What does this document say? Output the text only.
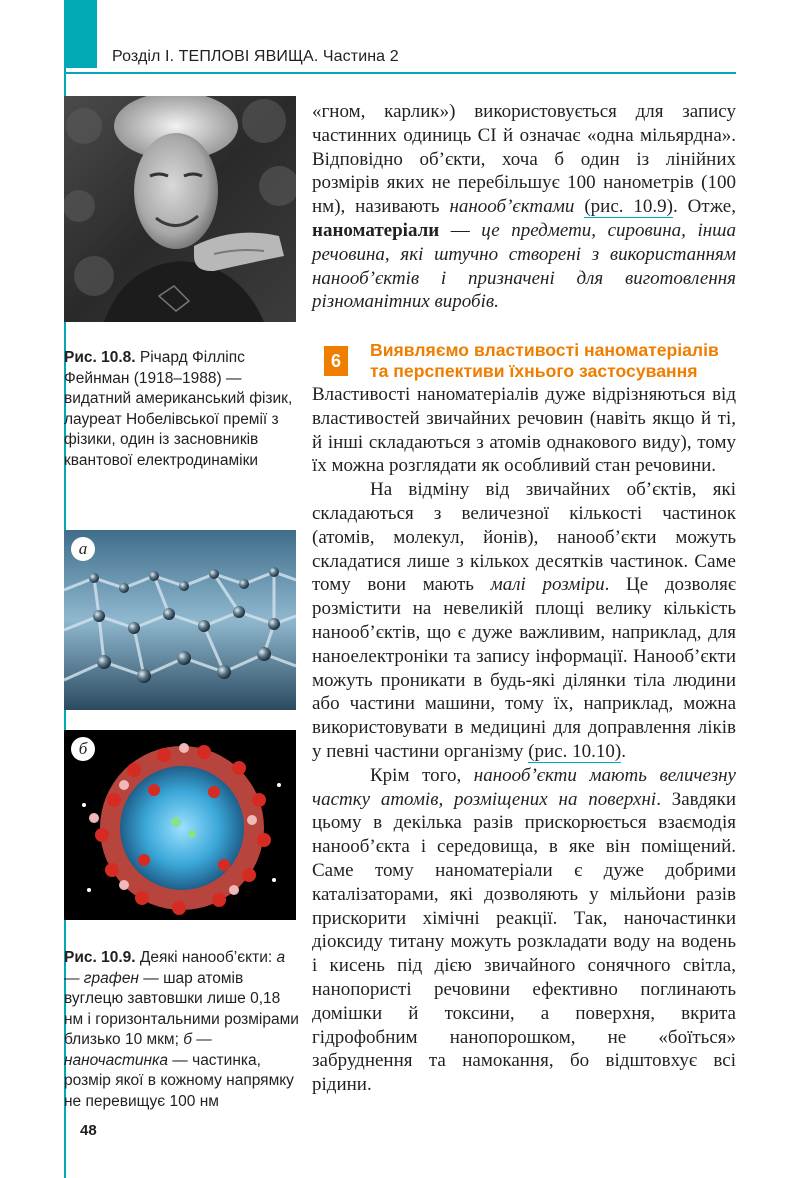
Розділ І. ТЕПЛОВІ ЯВИЩА. Частина 2
Рис. 10.8. Річард Філліпс Фейнман (1918–1988) — видатний американський фізик, лауреат Нобелівської премії з фізики, один із засновників квантової електродинаміки
а
б
Рис. 10.9. Деякі нанооб’єкти: а — графен — шар атомів вуглецю завтовшки лише 0,18 нм і горизонтальними розмірами близько 10 мкм; б — наночастинка — частинка, розмір якої в кожному напрямку не перевищує 100 нм

«гном, карлик») використовується для запису частинних одиниць СІ й означає «одна мільярдна». Відповідно об’єкти, хоча б один із лінійних розмірів яких не перебільшує 100 нанометрів (100 нм), називають нанооб’єктами (рис. 10.9). Отже, наноматеріали — це предмети, сировина, інша речовина, які штучно створені з використанням нанооб’єктів і призначені для виготовлення різноманітних виробів.

6
Виявляємо властивості наноматеріалів
та перспективи їхнього застосування

Властивості наноматеріалів дуже відрізняються від властивостей звичайних речовин (навіть якщо й ті, й інші складаються з атомів однакового виду), тому їх можна розглядати як особливий стан речовини.

На відміну від звичайних об’єктів, які складаються з величезної кількості частинок (атомів, молекул, йонів), нанооб’єкти можуть складатися лише з кількох десятків частинок. Саме тому вони мають малі розміри. Це дозволяє розмістити на невеликій площі велику кількість нанооб’єктів, що є дуже важливим, наприклад, для наноелектроніки та запису інформації. Нанооб’єкти можуть проникати в будь-які ділянки тіла людини або частини машини, тому їх, наприклад, можна використовувати в медицині для доправлення ліків у певні частини організму (рис. 10.10).

Крім того, нанооб’єкти мають величезну частку атомів, розміщених на поверхні. Завдяки цьому в декілька разів прискорюється взаємодія нанооб’єкта і середовища, в яке він поміщений. Саме тому наноматеріали є дуже добрими каталізаторами, які дозволяють у мільйони разів прискорити хімічні реакції. Так, наночастинки діоксиду титану можуть розкладати воду на водень і кисень під дією звичайного сонячного світла, нанопористі речовини ефективно поглинають домішки й токсини, а поверхня, вкрита гідрофобним нанопорошком, не «боїться» забруднення та намокання, бо відштовхує всі рідини.

48
